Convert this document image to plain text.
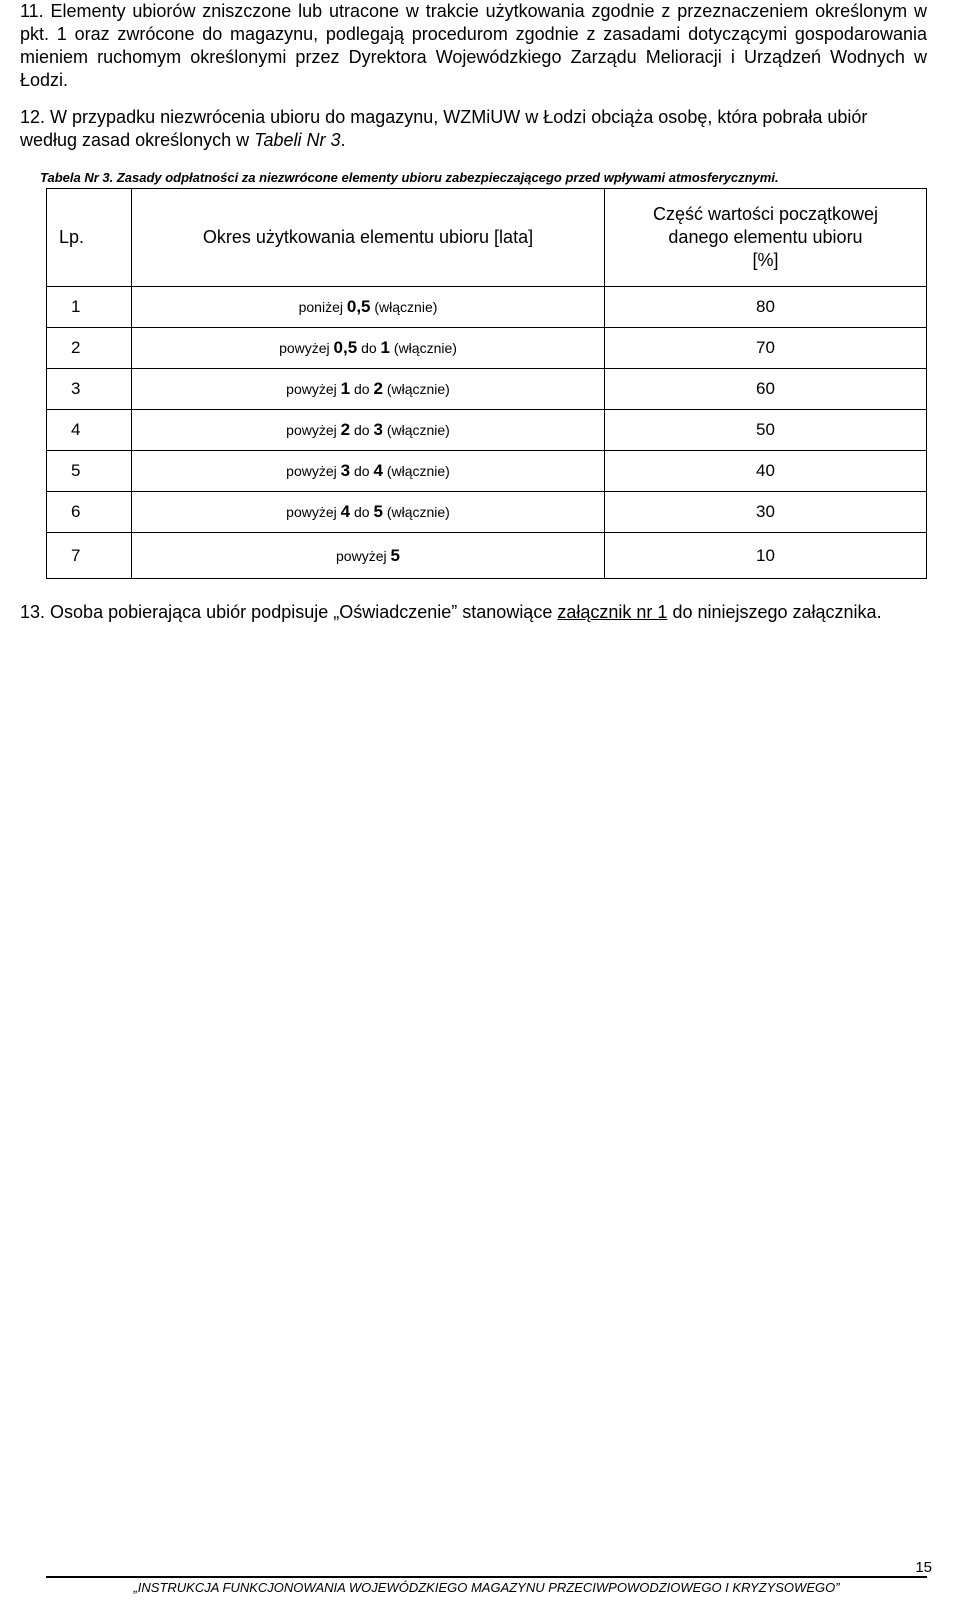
11. Elementy ubiorów zniszczone lub utracone w trakcie użytkowania zgodnie z przeznaczeniem określonym w pkt. 1 oraz zwrócone do magazynu, podlegają procedurom zgodnie z zasadami dotyczącymi gospodarowania mieniem ruchomym określonymi przez Dyrektora Wojewódzkiego Zarządu Melioracji i Urządzeń Wodnych w Łodzi.
12. W przypadku niezwrócenia ubioru do magazynu, WZMiUW w Łodzi obciąża osobę, która pobrała ubiór według zasad określonych w Tabeli Nr 3.
Tabela Nr 3. Zasady odpłatności za niezwrócone elementy ubioru zabezpieczającego przed wpływami atmosferycznymi.
Lp.	Okres użytkowania elementu ubioru [lata]	Część wartości początkowej
danego elementu ubioru
[%]
1	poniżej 0,5 (włącznie)	80
2	powyżej 0,5 do 1 (włącznie)	70
3	powyżej 1 do 2 (włącznie)	60
4	powyżej 2 do 3 (włącznie)	50
5	powyżej 3 do 4 (włącznie)	40
6	powyżej 4 do 5 (włącznie)	30
7	powyżej 5	10
13. Osoba pobierająca ubiór podpisuje „Oświadczenie” stanowiące załącznik nr 1 do niniejszego załącznika.
15
„INSTRUKCJA FUNKCJONOWANIA WOJEWÓDZKIEGO MAGAZYNU PRZECIWPOWODZIOWEGO I KRYZYSOWEGO”
